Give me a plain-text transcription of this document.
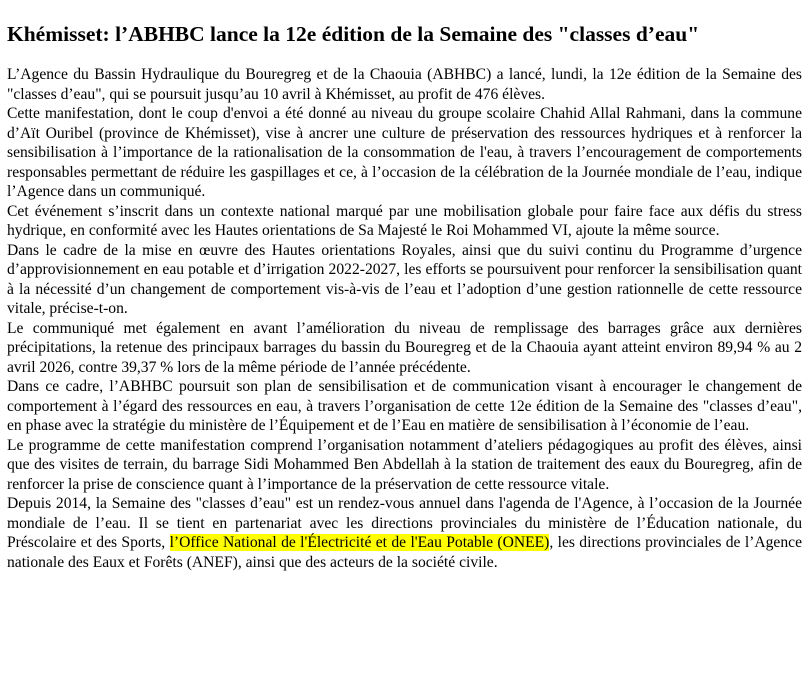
Khémisset: l’ABHBC lance la 12e édition de la Semaine des "classes d’eau"

L’Agence du Bassin Hydraulique du Bouregreg et de la Chaouia (ABHBC) a lancé, lundi, la 12e édition de la Semaine des "classes d’eau", qui se poursuit jusqu’au 10 avril à Khémisset, au profit de 476 élèves.

Cette manifestation, dont le coup d'envoi a été donné au niveau du groupe scolaire Chahid Allal Rahmani, dans la commune d’Aït Ouribel (province de Khémisset), vise à ancrer une culture de préservation des ressources hydriques et à renforcer la sensibilisation à l’importance de la rationalisation de la consommation de l'eau, à travers l’encouragement de comportements responsables permettant de réduire les gaspillages et ce, à l’occasion de la célébration de la Journée mondiale de l’eau, indique l’Agence dans un communiqué.

Cet événement s’inscrit dans un contexte national marqué par une mobilisation globale pour faire face aux défis du stress hydrique, en conformité avec les Hautes orientations de Sa Majesté le Roi Mohammed VI, ajoute la même source.

Dans le cadre de la mise en œuvre des Hautes orientations Royales, ainsi que du suivi continu du Programme d’urgence d’approvisionnement en eau potable et d’irrigation 2022-2027, les efforts se poursuivent pour renforcer la sensibilisation quant à la nécessité d’un changement de comportement vis-à-vis de l’eau et l’adoption d’une gestion rationnelle de cette ressource vitale, précise-t-on.

Le communiqué met également en avant l’amélioration du niveau de remplissage des barrages grâce aux dernières précipitations, la retenue des principaux barrages du bassin du Bouregreg et de la Chaouia ayant atteint environ 89,94 % au 2 avril 2026, contre 39,37 % lors de la même période de l’année précédente.

Dans ce cadre, l’ABHBC poursuit son plan de sensibilisation et de communication visant à encourager le changement de comportement à l’égard des ressources en eau, à travers l’organisation de cette 12e édition de la Semaine des "classes d’eau", en phase avec la stratégie du ministère de l’Équipement et de l’Eau en matière de sensibilisation à l’économie de l’eau.

Le programme de cette manifestation comprend l’organisation notamment d’ateliers pédagogiques au profit des élèves, ainsi que des visites de terrain, du barrage Sidi Mohammed Ben Abdellah à la station de traitement des eaux du Bouregreg, afin de renforcer la prise de conscience quant à l’importance de la préservation de cette ressource vitale.

Depuis 2014, la Semaine des "classes d’eau" est un rendez-vous annuel dans l'agenda de l'Agence, à l’occasion de la Journée mondiale de l’eau. Il se tient en partenariat avec les directions provinciales du ministère de l’Éducation nationale, du Préscolaire et des Sports, l’Office National de l'Électricité et de l'Eau Potable (ONEE), les directions provinciales de l’Agence nationale des Eaux et Forêts (ANEF), ainsi que des acteurs de la société civile.
